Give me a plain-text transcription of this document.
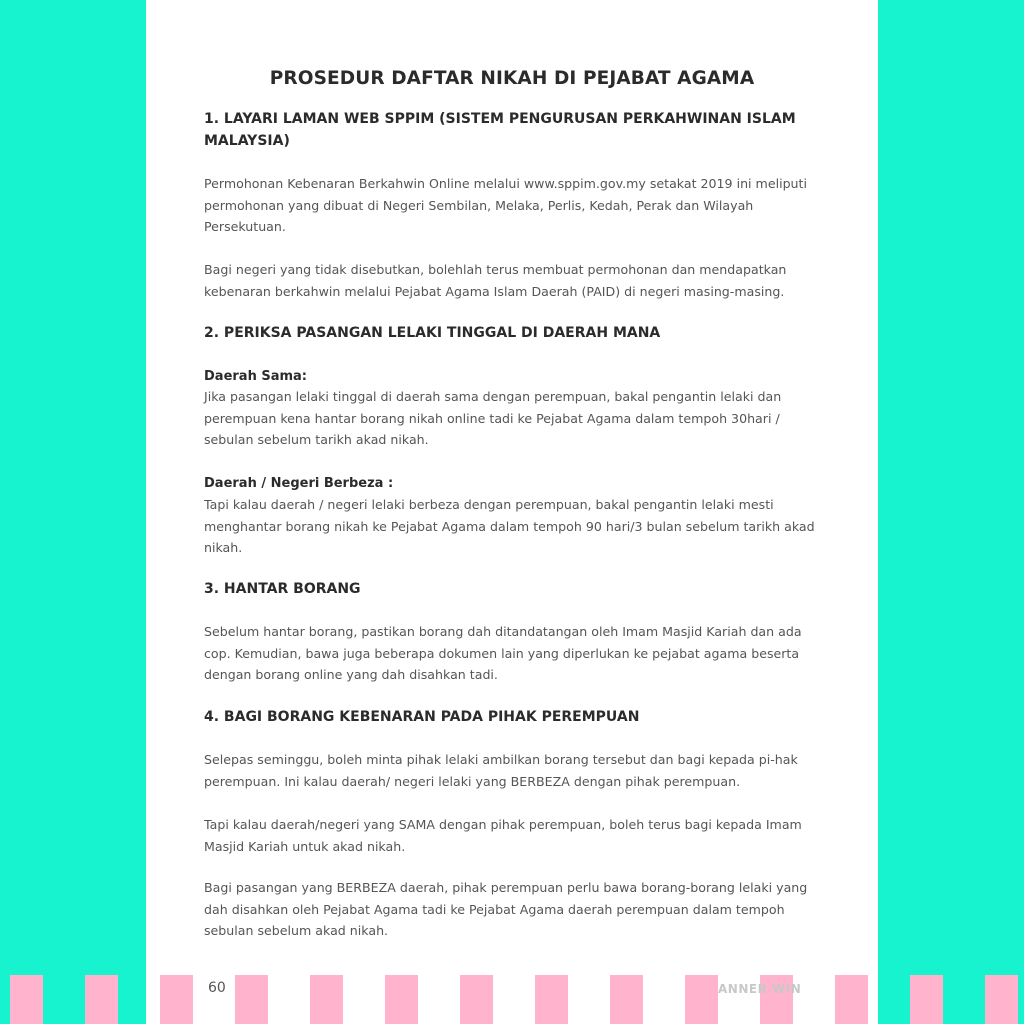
PROSEDUR DAFTAR NIKAH DI PEJABAT AGAMA
1. LAYARI LAMAN WEB SPPIM (SISTEM PENGURUSAN PERKAHWINAN ISLAM MALAYSIA)

Permohonan Kebenaran Berkahwin Online melalui www.sppim.gov.my setakat 2019 ini meliputi permohonan yang dibuat di Negeri Sembilan, Melaka, Perlis, Kedah, Perak dan Wilayah Persekutuan.

Bagi negeri yang tidak disebutkan, bolehlah terus membuat permohonan dan mendapatkan kebenaran berkahwin melalui Pejabat Agama Islam Daerah (PAID) di negeri masing-masing.

2. PERIKSA PASANGAN LELAKI TINGGAL DI DAERAH MANA
Daerah Sama:

Jika pasangan lelaki tinggal di daerah sama dengan perempuan, bakal pengantin lelaki dan perempuan kena hantar borang nikah online tadi ke Pejabat Agama dalam tempoh 30hari / sebulan sebelum tarikh akad nikah.

Daerah / Negeri Berbeza :

Tapi kalau daerah / negeri lelaki berbeza dengan perempuan, bakal pengantin lelaki mesti menghantar borang nikah ke Pejabat Agama dalam tempoh 90 hari/3 bulan sebelum tarikh akad nikah.

3. HANTAR BORANG

Sebelum hantar borang, pastikan borang dah ditandatangan oleh Imam Masjid Kariah dan ada cop. Kemudian, bawa juga beberapa dokumen lain yang diperlukan ke pejabat agama beserta dengan borang online yang dah disahkan tadi.

4. BAGI BORANG KEBENARAN PADA PIHAK PEREMPUAN

Selepas seminggu, boleh minta pihak lelaki ambilkan borang tersebut dan bagi kepada pi-hak perempuan. Ini kalau daerah/ negeri lelaki yang BERBEZA dengan pihak perempuan.

Tapi kalau daerah/negeri yang SAMA dengan pihak perempuan, boleh terus bagi kepada Imam Masjid Kariah untuk akad nikah.

Bagi pasangan yang BERBEZA daerah, pihak perempuan perlu bawa borang-borang lelaki yang dah disahkan oleh Pejabat Agama tadi ke Pejabat Agama daerah perempuan dalam tempoh sebulan sebelum akad nikah.

60	ANNER WIN
